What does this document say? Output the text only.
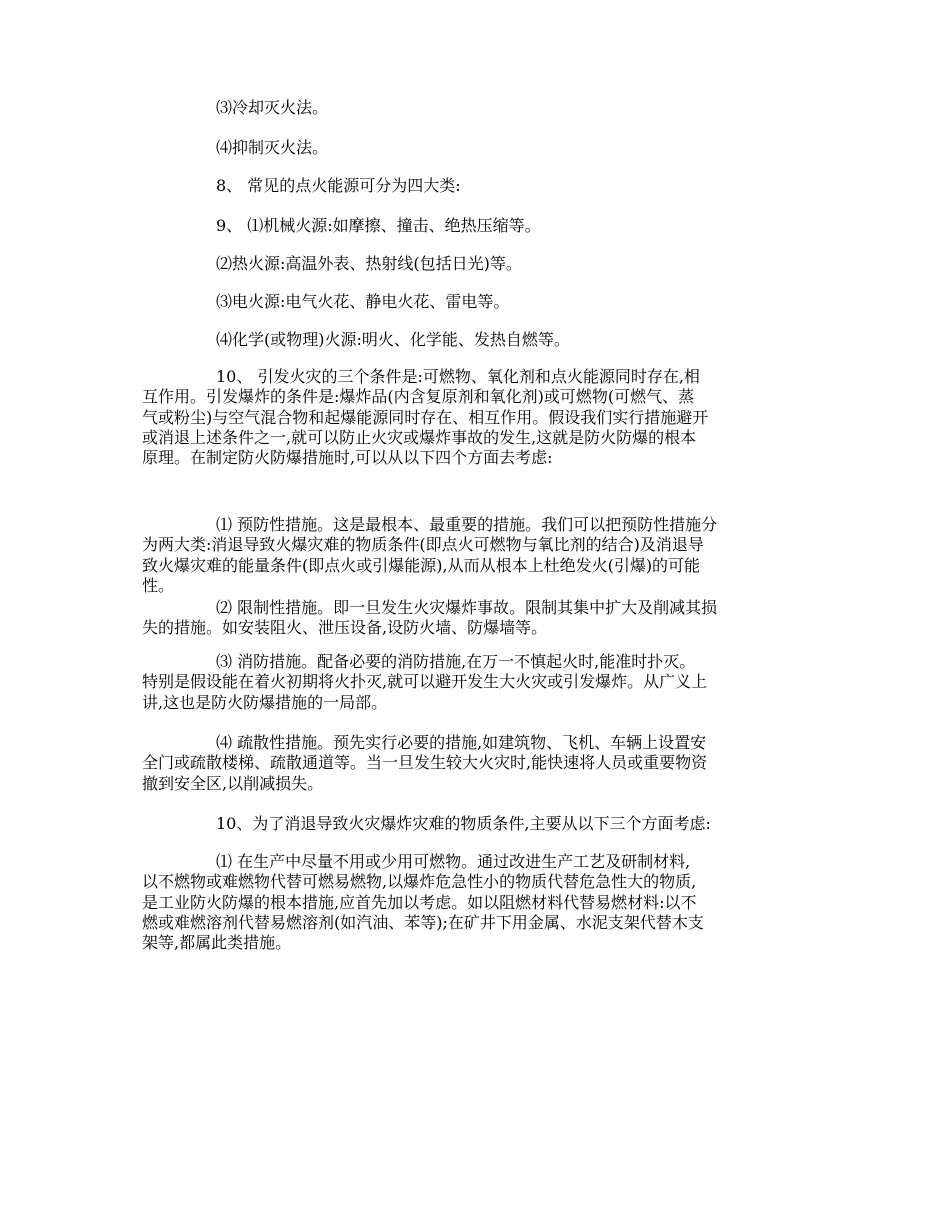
⑶冷却灭火法。

⑷抑制灭火法。

8、 常见的点火能源可分为四大类:

9、 ⑴机械火源:如摩擦、撞击、绝热压缩等。

⑵热火源:高温外表、热射线(包括日光)等。

⑶电火源:电气火花、静电火花、雷电等。

⑷化学(或物理)火源:明火、化学能、发热自燃等。

10、 引发火灾的三个条件是:可燃物、氧化剂和点火能源同时存在,相
互作用。引发爆炸的条件是:爆炸品(内含复原剂和氧化剂)或可燃物(可燃气、蒸
气或粉尘)与空气混合物和起爆能源同时存在、相互作用。假设我们实行措施避开
或消退上述条件之一,就可以防止火灾或爆炸事故的发生,这就是防火防爆的根本
原理。在制定防火防爆措施时,可以从以下四个方面去考虑:
⑴ 预防性措施。这是最根本、最重要的措施。我们可以把预防性措施分
为两大类:消退导致火爆灾难的物质条件(即点火可燃物与氧比剂的结合)及消退导
致火爆灾难的能量条件(即点火或引爆能源),从而从根本上杜绝发火(引爆)的可能
性。
⑵ 限制性措施。即一旦发生火灾爆炸事故。限制其集中扩大及削减其损
失的措施。如安装阻火、泄压设备,设防火墙、防爆墙等。
⑶ 消防措施。配备必要的消防措施,在万一不慎起火时,能准时扑灭。
特别是假设能在着火初期将火扑灭,就可以避开发生大火灾或引发爆炸。从广义上
讲,这也是防火防爆措施的一局部。
⑷ 疏散性措施。预先实行必要的措施,如建筑物、飞机、车辆上设置安
全门或疏散楼梯、疏散通道等。当一旦发生较大火灾时,能快速将人员或重要物资
撤到安全区,以削减损失。

10、为了消退导致火灾爆炸灾难的物质条件,主要从以下三个方面考虑:

⑴ 在生产中尽量不用或少用可燃物。通过改进生产工艺及研制材料,
以不燃物或难燃物代替可燃易燃物,以爆炸危急性小的物质代替危急性大的物质,
是工业防火防爆的根本措施,应首先加以考虑。如以阻燃材料代替易燃材料:以不
燃或难燃溶剂代替易燃溶剂(如汽油、苯等);在矿井下用金属、水泥支架代替木支
架等,都属此类措施。
